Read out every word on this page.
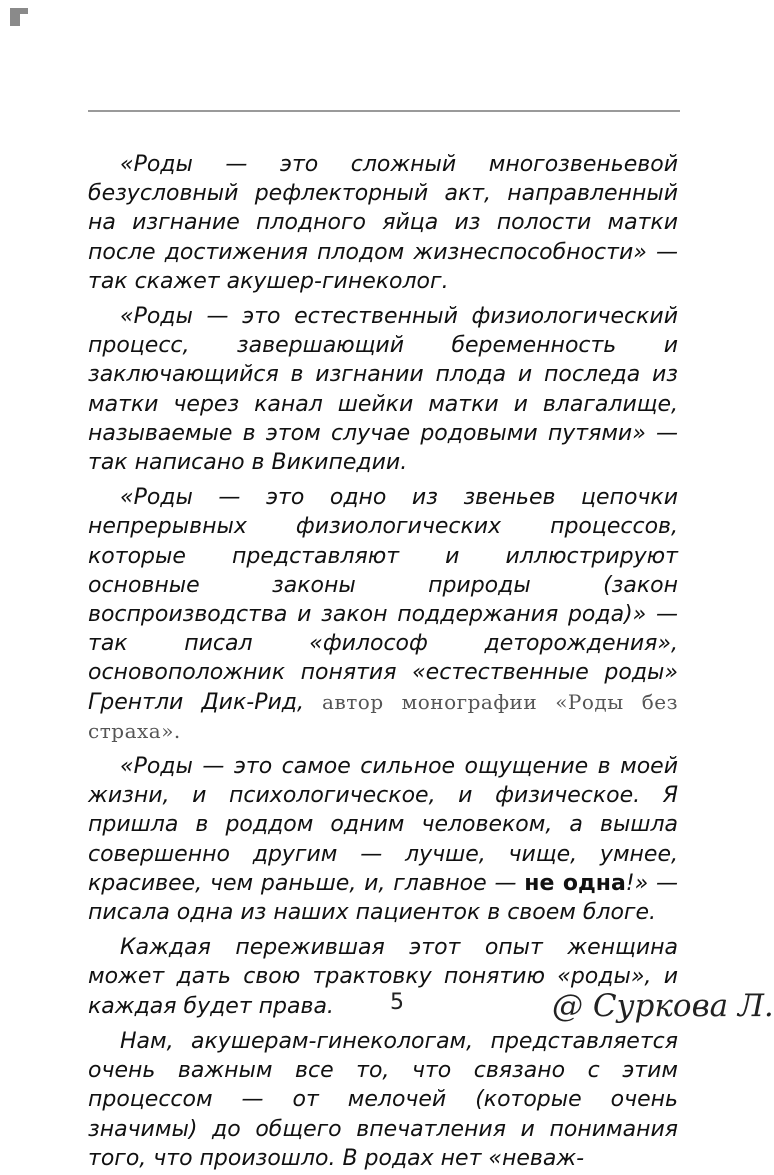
«Роды — это сложный многозвеньевой безусловный рефлекторный акт, направленный на изгнание плодного яйца из полости матки после достижения плодом жизнеспособности» — так скажет акушер-гинеколог.

«Роды — это естественный физиологический процесс, завершающий беременность и заключающийся в изгнании плода и последа из матки через канал шейки матки и влагалище, называемые в этом случае родовыми путями» — так написано в Википедии.

«Роды — это одно из звеньев цепочки непрерывных физиологических процессов, которые представляют и иллюстрируют основные законы природы (закон воспроизводства и закон поддержания рода)» — так писал «философ деторождения», основоположник понятия «естественные роды» Грентли Дик-Рид, автор монографии «Роды без страха».

«Роды — это самое сильное ощущение в моей жизни, и психологическое, и физическое. Я пришла в роддом одним человеком, а вышла совершенно другим — лучше, чище, умнее, красивее, чем раньше, и, главное — не одна!» — писала одна из наших пациенток в своем блоге.

Каждая пережившая этот опыт женщина может дать свою трактовку понятию «роды», и каждая будет права.

Нам, акушерам-гинекологам, представляется очень важным все то, что связано с этим процессом — от мелочей (которые очень значимы) до общего впечатления и понимания того, что произошло. В родах нет «неваж-

5	@ Суркова Л.
